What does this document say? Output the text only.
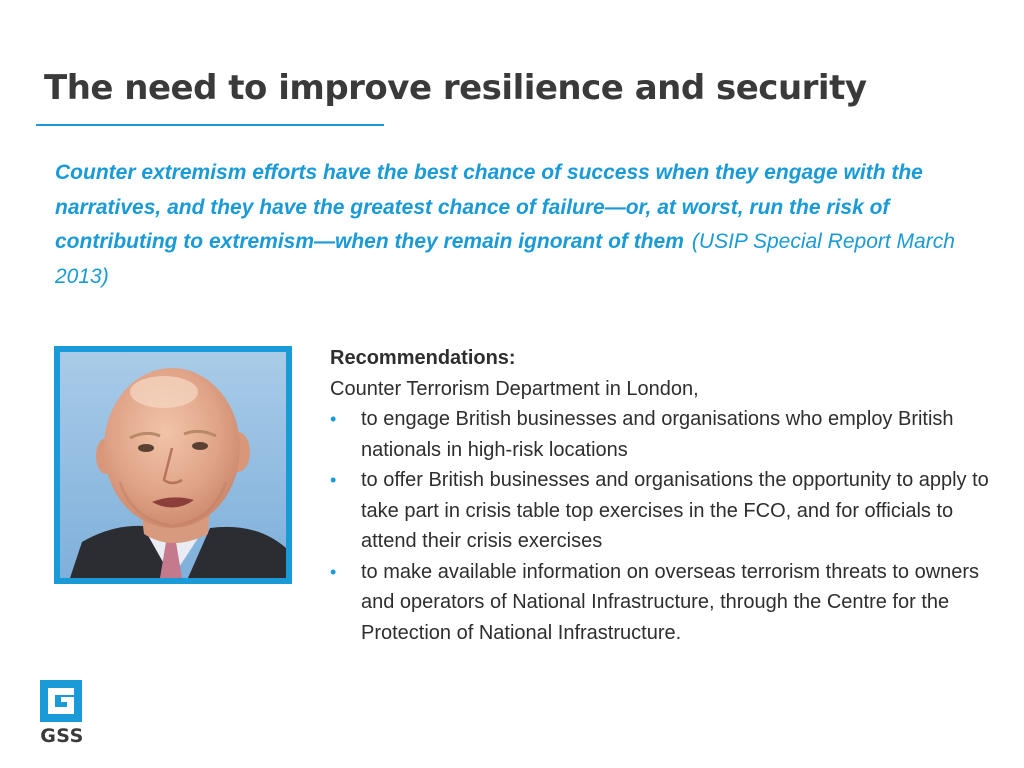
The need to improve resilience and security

Counter extremism efforts have the best chance of success when they engage with the narratives, and they have the greatest chance of failure—or, at worst, run the risk of contributing to extremism—when they remain ignorant of them (USIP Special Report March 2013)

Recommendations:

Counter Terrorism Department in London,

• to engage British businesses and organisations who employ British nationals in high-risk locations
• to offer British businesses and organisations the opportunity to apply to take part in crisis table top exercises in the FCO, and for officials to attend their crisis exercises
• to make available information on overseas terrorism threats to owners and operators of National Infrastructure, through the Centre for the Protection of National Infrastructure.
GSS
